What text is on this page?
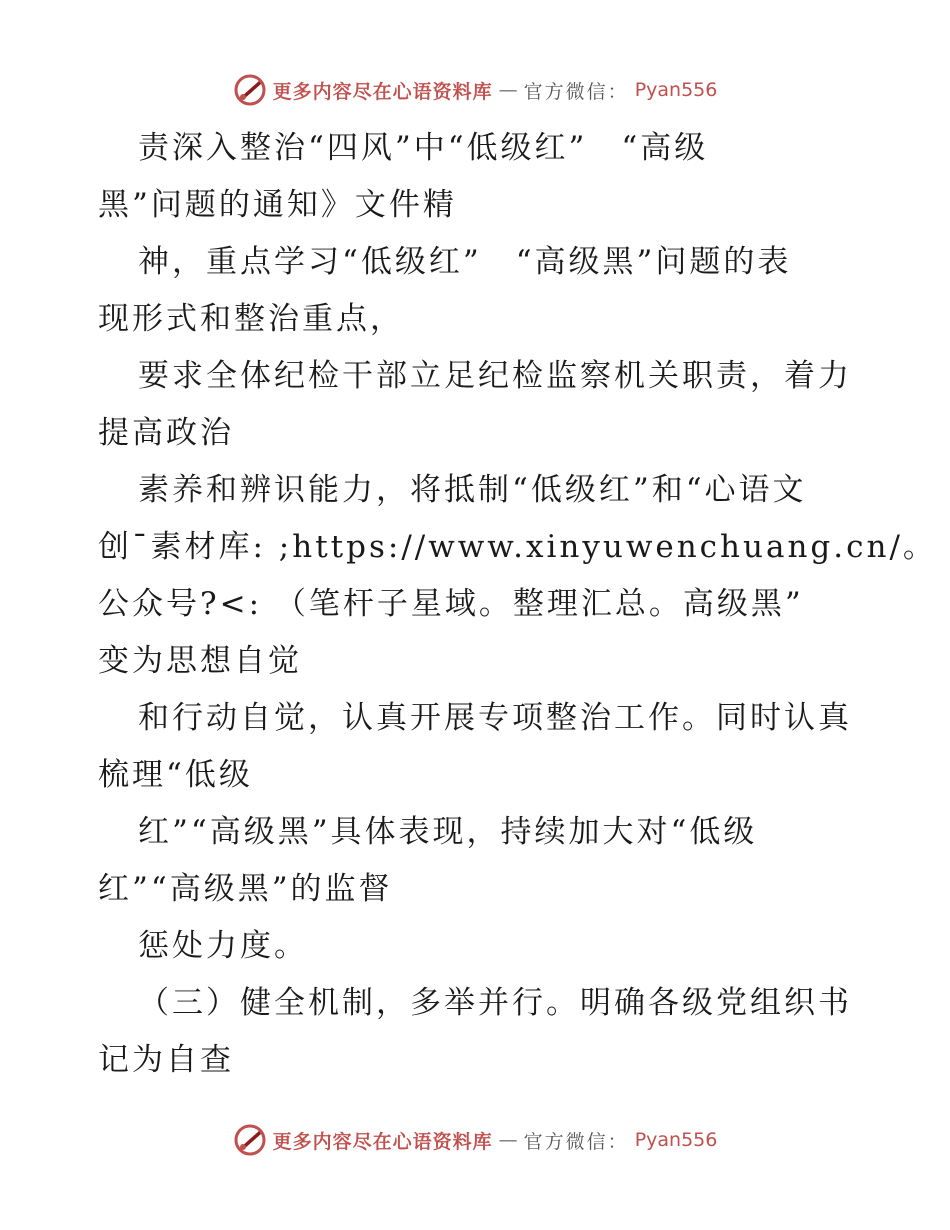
更多内容尽在心语资料库 — 官方微信： Pyan556
责深入整治“四风”中“低级红”　“高级
黑”问题的通知》文件精
神，重点学习“低级红”　“高级黑”问题的表
现形式和整治重点，
要求全体纪检干部立足纪检监察机关职责，着力
提高政治
素养和辨识能力，将抵制“低级红”和“心语文
创¯素材库: ;https://www.xinyuwenchuang.cn/。
公众号?<: （笔杆子星域。整理汇总。高级黑”
变为思想自觉
和行动自觉，认真开展专项整治工作。同时认真
梳理“低级
红”“高级黑”具体表现，持续加大对“低级
红”“高级黑”的监督
惩处力度。
（三）健全机制，多举并行。明确各级党组织书
记为自查
更多内容尽在心语资料库 — 官方微信： Pyan556
